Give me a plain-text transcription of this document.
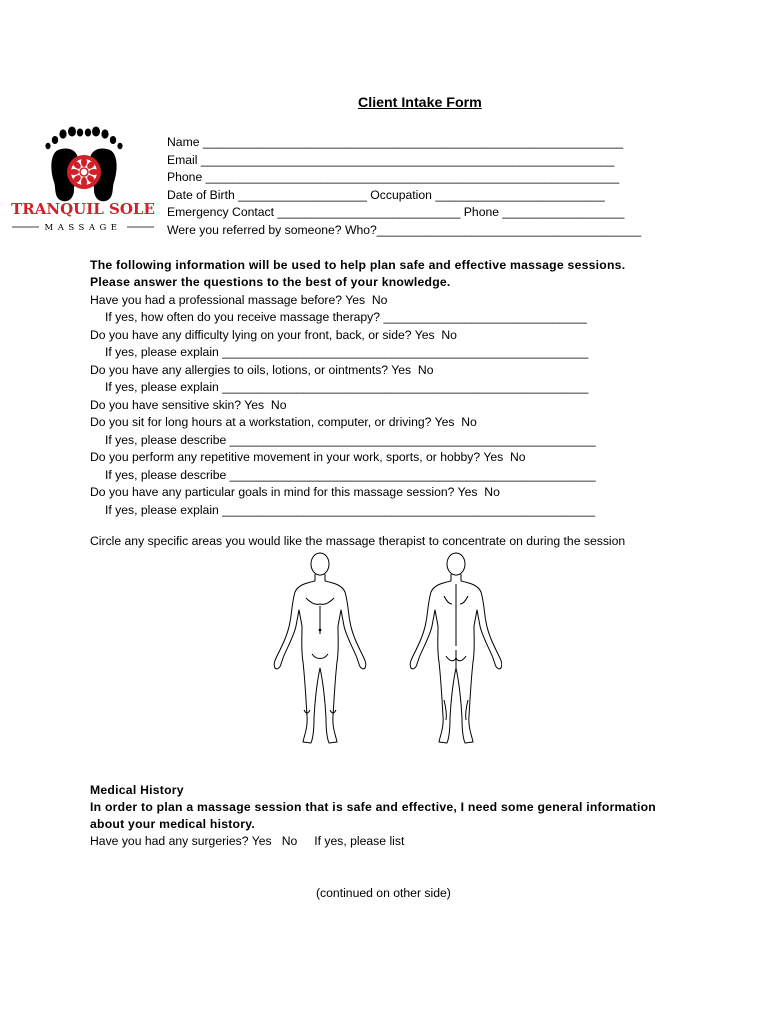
Client Intake Form
TRANQUIL SOLE
MASSAGE
Name ______________________________________________________________
Email _____________________________________________________________
Phone _____________________________________________________________
Date of Birth ___________________ Occupation _________________________
Emergency Contact ___________________________ Phone __________________
Were you referred by someone? Who?_______________________________________
The following information will be used to help plan safe and effective massage sessions.
Please answer the questions to the best of your knowledge.
Have you had a professional massage before? Yes  No
If yes, how often do you receive massage therapy? ______________________________
Do you have any difficulty lying on your front, back, or side? Yes  No
If yes, please explain ______________________________________________________
Do you have any allergies to oils, lotions, or ointments? Yes  No
If yes, please explain ______________________________________________________
Do you have sensitive skin? Yes  No
Do you sit for long hours at a workstation, computer, or driving? Yes  No
If yes, please describe ______________________________________________________
Do you perform any repetitive movement in your work, sports, or hobby? Yes  No
If yes, please describe ______________________________________________________
Do you have any particular goals in mind for this massage session? Yes  No
If yes, please explain _______________________________________________________
Circle any specific areas you would like the massage therapist to concentrate on during the session
Medical History
In order to plan a massage session that is safe and effective, I need some general information
about your medical history.
Have you had any surgeries? Yes   No     If yes, please list
(continued on other side)
